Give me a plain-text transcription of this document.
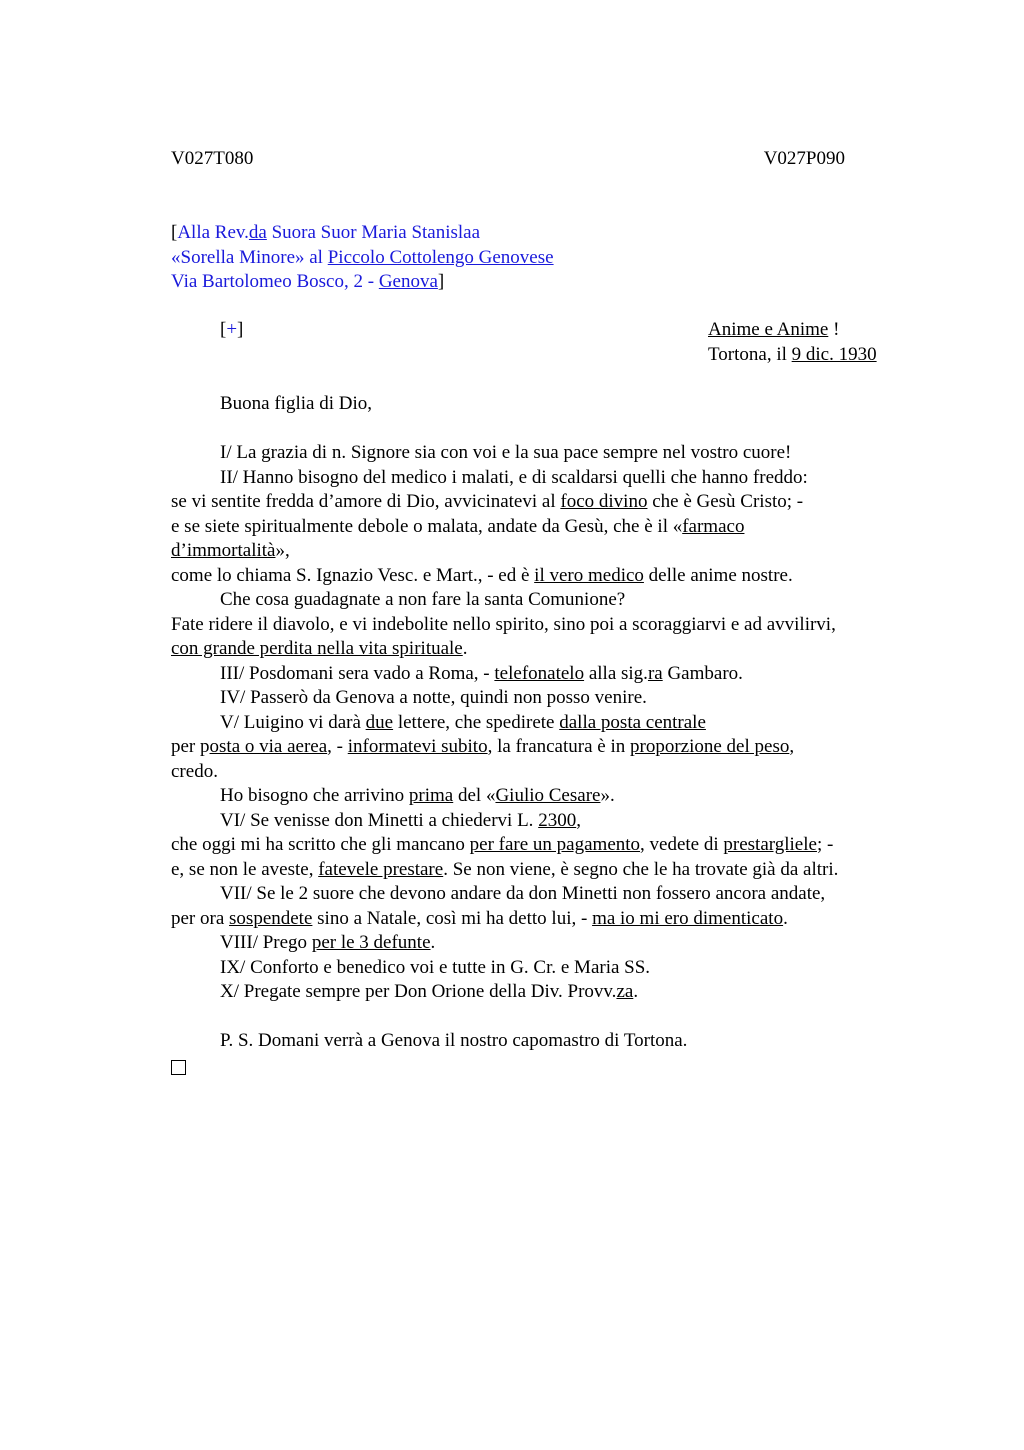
V027T080	V027P090
[Alla Rev.da Suora Suor Maria Stanislaa
«Sorella Minore» al Piccolo Cottolengo Genovese
Via Bartolomeo Bosco, 2 - Genova]
[+]	Anime e Anime !
Tortona, il 9 dic. 1930

Buona figlia di Dio,

I/ La grazia di n. Signore sia con voi e la sua pace sempre nel vostro cuore!

II/ Hanno bisogno del medico i malati, e di scaldarsi quelli che hanno freddo:

se vi sentite fredda d’amore di Dio, avvicinatevi al foco divino che è Gesù Cristo; -

e se siete spiritualmente debole o malata, andate da Gesù, che è il «farmaco

d’immortalità»,

come lo chiama S. Ignazio Vesc. e Mart., - ed è il vero medico delle anime nostre.

Che cosa guadagnate a non fare la santa Comunione?

Fate ridere il diavolo, e vi indebolite nello spirito, sino poi a scoraggiarvi e ad avvilirvi,

con grande perdita nella vita spirituale.

III/ Posdomani sera vado a Roma, - telefonatelo alla sig.ra Gambaro.

IV/ Passerò da Genova a notte, quindi non posso venire.

V/ Luigino vi darà due lettere, che spedirete dalla posta centrale

per posta o via aerea, - informatevi subito, la francatura è in proporzione del peso,

credo.

Ho bisogno che arrivino prima del «Giulio Cesare».

VI/ Se venisse don Minetti a chiedervi L. 2300,

che oggi mi ha scritto che gli mancano per fare un pagamento, vedete di prestargliele; -

e, se non le aveste, fatevele prestare. Se non viene, è segno che le ha trovate già da altri.

VII/ Se le 2 suore che devono andare da don Minetti non fossero ancora andate,

per ora sospendete sino a Natale, così mi ha detto lui, - ma io mi ero dimenticato.

VIII/ Prego per le 3 defunte.

IX/ Conforto e benedico voi e tutte in G. Cr. e Maria SS.

X/ Pregate sempre per Don Orione della Div. Provv.za.

P. S. Domani verrà a Genova il nostro capomastro di Tortona.
